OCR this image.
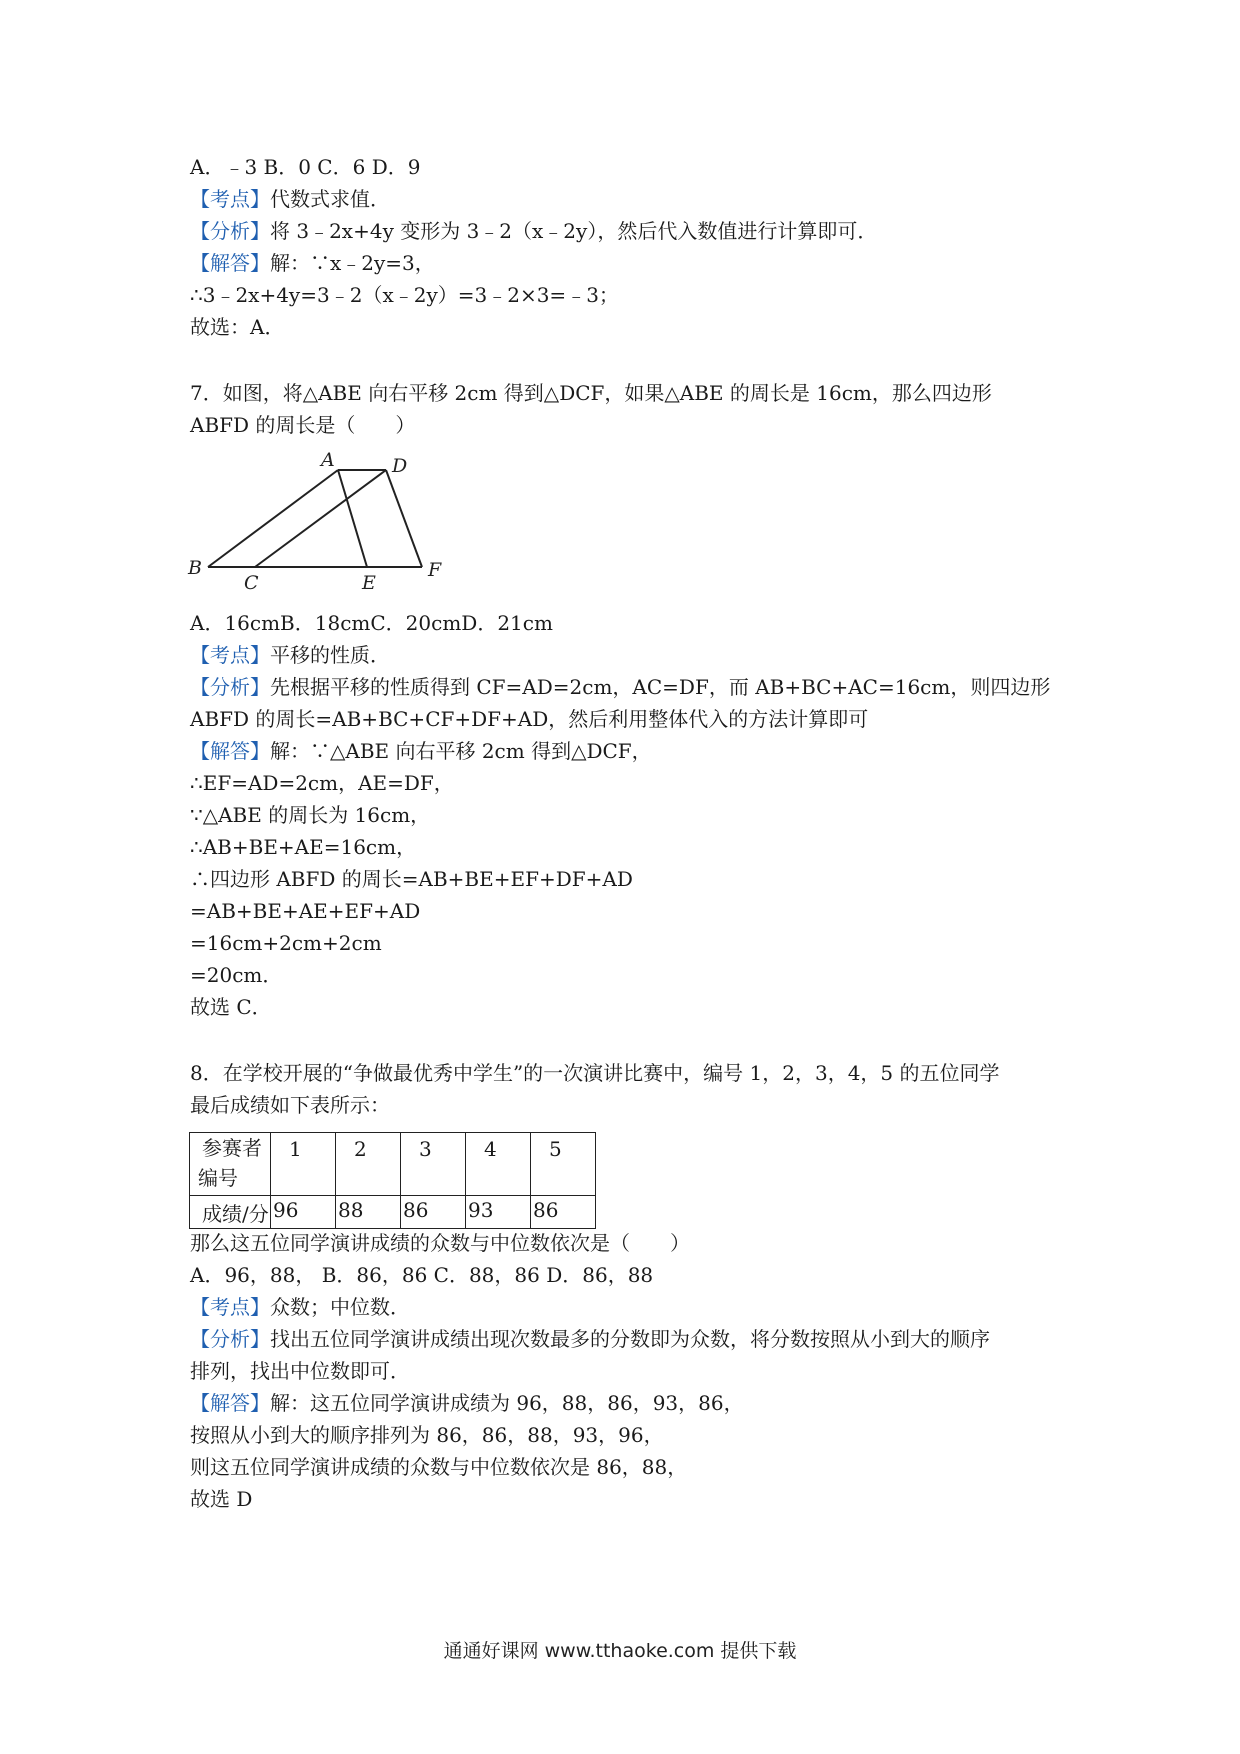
A．﹣3 B．0 C．6 D．9
【考点】代数式求值．
【分析】将 3﹣2x+4y 变形为 3﹣2（x﹣2y），然后代入数值进行计算即可．
【解答】解：∵x﹣2y=3，
∴3﹣2x+4y=3﹣2（x﹣2y）=3﹣2×3=﹣3；
故选：A．
7．如图，将△ABE 向右平移 2cm 得到△DCF，如果△ABE 的周长是 16cm，那么四边形
ABFD 的周长是（　　）
A	D
B
C	E
F
A．16cmB．18cmC．20cmD．21cm
【考点】平移的性质．
【分析】先根据平移的性质得到 CF=AD=2cm，AC=DF，而 AB+BC+AC=16cm，则四边形
ABFD 的周长=AB+BC+CF+DF+AD，然后利用整体代入的方法计算即可
【解答】解：∵△ABE 向右平移 2cm 得到△DCF，
∴EF=AD=2cm，AE=DF，
∵△ABE 的周长为 16cm，
∴AB+BE+AE=16cm，
∴四边形 ABFD 的周长=AB+BE+EF+DF+AD
=AB+BE+AE+EF+AD
=16cm+2cm+2cm
=20cm．
故选 C．
8．在学校开展的“争做最优秀中学生”的一次演讲比赛中，编号 1，2，3，4，5 的五位同学
最后成绩如下表所示：
参赛者
编号	1	2	3	4	5

成绩/分	96	88	86	93	86
那么这五位同学演讲成绩的众数与中位数依次是（　　）
A．96，88， B．86，86 C．88，86 D．86，88
【考点】众数；中位数．
【分析】找出五位同学演讲成绩出现次数最多的分数即为众数，将分数按照从小到大的顺序
排列，找出中位数即可．
【解答】解：这五位同学演讲成绩为 96，88，86，93，86，
按照从小到大的顺序排列为 86，86，88，93，96，
则这五位同学演讲成绩的众数与中位数依次是 86，88，
故选 D
通通好课网 www.tthaoke.com 提供下载
